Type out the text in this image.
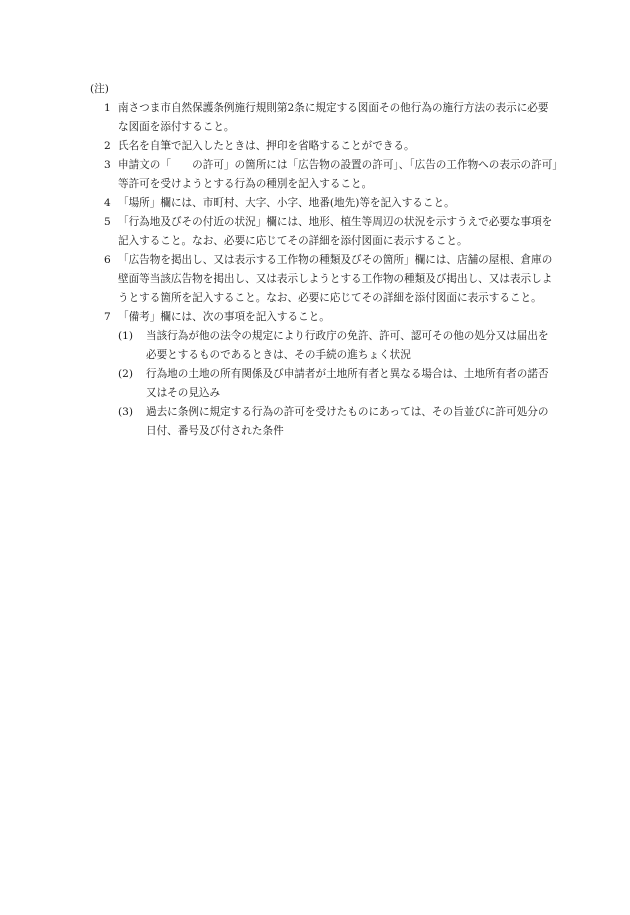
(注)
1 南さつま市自然保護条例施行規則第2条に規定する図面その他行為の施行方法の表示に必要な図面を添付すること。
2 氏名を自筆で記入したときは、押印を省略することができる。
3 申請文の「　　の許可」の箇所には「広告物の設置の許可」、「広告の工作物への表示の許可」等許可を受けようとする行為の種別を記入すること。
4 「場所」欄には、市町村、大字、小字、地番(地先)等を記入すること。
5 「行為地及びその付近の状況」欄には、地形、植生等周辺の状況を示すうえで必要な事項を記入すること。なお、必要に応じてその詳細を添付図面に表示すること。
6 「広告物を掲出し、又は表示する工作物の種類及びその箇所」欄には、店舗の屋根、倉庫の壁面等当該広告物を掲出し、又は表示しようとする工作物の種類及び掲出し、又は表示しようとする箇所を記入すること。なお、必要に応じてその詳細を添付図面に表示すること。
7 「備考」欄には、次の事項を記入すること。
(1) 当該行為が他の法令の規定により行政庁の免許、許可、認可その他の処分又は届出を必要とするものであるときは、その手続の進ちょく状況
(2) 行為地の土地の所有関係及び申請者が土地所有者と異なる場合は、土地所有者の諾否又はその見込み
(3) 過去に条例に規定する行為の許可を受けたものにあっては、その旨並びに許可処分の日付、番号及び付された条件
